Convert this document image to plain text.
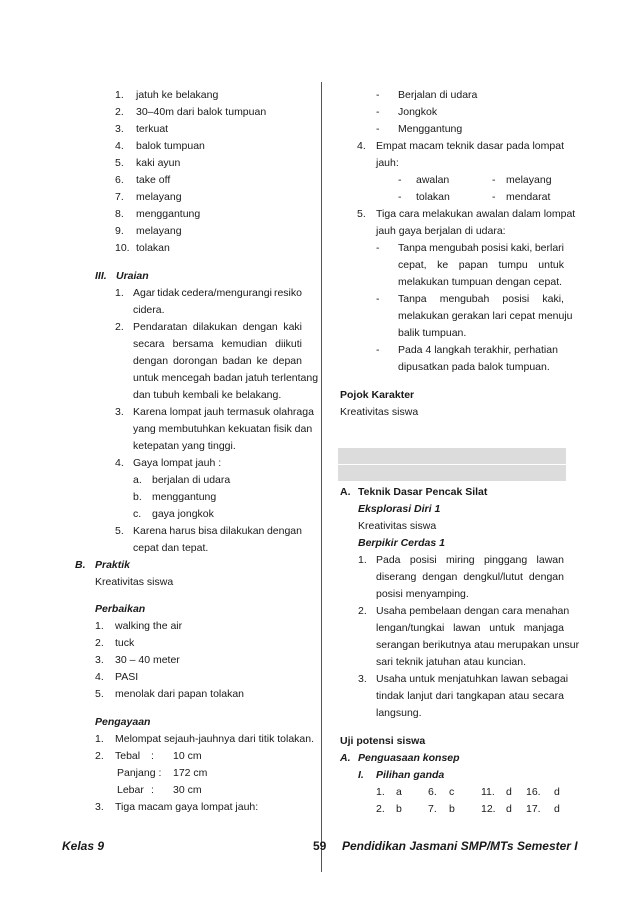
1. jatuh ke belakang
2. 30–40m dari balok tumpuan
3. terkuat
4. balok tumpuan
5. kaki ayun
6. take off
7. melayang
8. menggantung
9. melayang
10. tolakan
III. Uraian
1. Agar tidak cedera/mengurangi resiko
cidera.
2. Pendaratan dilakukan dengan kaki
secara bersama kemudian diikuti
dengan dorongan badan ke depan
untuk mencegah badan jatuh terlentang
dan tubuh kembali ke belakang.
3. Karena lompat jauh termasuk olahraga
yang membutuhkan kekuatan fisik dan
ketepatan yang tinggi.
4. Gaya lompat jauh :
a. berjalan di udara
b. menggantung
c. gaya jongkok
5. Karena harus bisa dilakukan dengan
cepat dan tepat.
B. Praktik
Kreativitas siswa
Perbaikan
1. walking the air
2. tuck
3. 30 – 40 meter
4. PASI
5. menolak dari papan tolakan
Pengayaan
1. Melompat sejauh-jauhnya dari titik tolakan.
2. Tebal : 10 cm
Panjang : 172 cm
Lebar : 30 cm
3. Tiga macam gaya lompat jauh:
- Berjalan di udara
- Jongkok
- Menggantung
4. Empat macam teknik dasar pada lompat
jauh:
- awalan	- melayang
- tolakan	- mendarat
5. Tiga cara melakukan awalan dalam lompat
jauh gaya berjalan di udara:
- Tanpa mengubah posisi kaki, berlari
cepat, ke papan tumpu untuk
melakukan tumpuan dengan cepat.
- Tanpa mengubah posisi kaki,
melakukan gerakan lari cepat menuju
balik tumpuan.
- Pada 4 langkah terakhir, perhatian
dipusatkan pada balok tumpuan.
Pojok Karakter
Kreativitas siswa
A. Teknik Dasar Pencak Silat
Eksplorasi Diri 1
Kreativitas siswa
Berpikir Cerdas 1
1. Pada posisi miring pinggang lawan
diserang dengan dengkul/lutut dengan
posisi menyamping.
2. Usaha pembelaan dengan cara menahan
lengan/tungkai lawan untuk manjaga
serangan berikutnya atau merupakan unsur
sari teknik jatuhan atau kuncian.
3. Usaha untuk menjatuhkan lawan sebagai
tindak lanjut dari tangkapan atau secara
langsung.
Uji potensi siswa
A. Penguasaan konsep
I. Pilihan ganda
1. a 6. c	11. d 16. d
2. b 7. b 12. d 17. d
Kelas 9	59 Pendidikan Jasmani SMP/MTs Semester I
